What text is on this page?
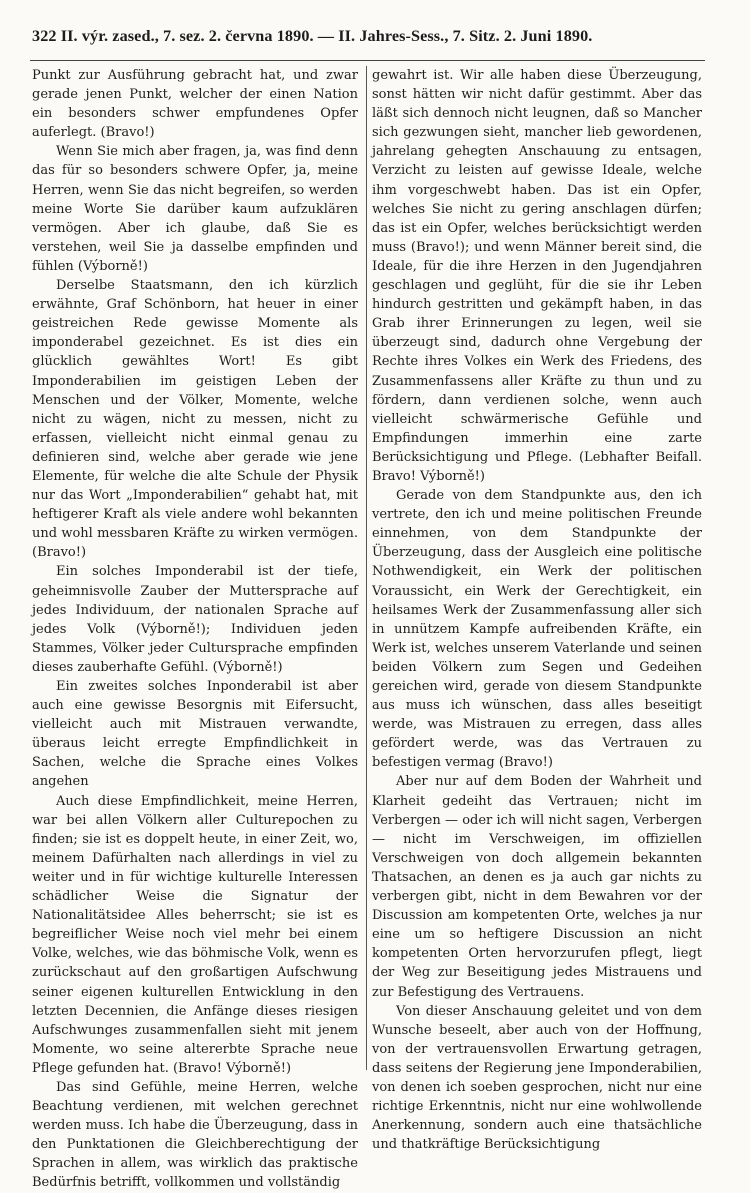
322 II. výr. zased., 7. sez. 2. června 1890. — II. Jahres-Sess., 7. Sitz. 2. Juni 1890.

Punkt zur Ausführung gebracht hat, und zwar gerade jenen Punkt, welcher der einen Nation ein besonders schwer empfundenes Opfer auferlegt. (Bravo!)

Wenn Sie mich aber fragen, ja, was find denn das für so besonders schwere Opfer, ja, meine Herren, wenn Sie das nicht begreifen, so werden meine Worte Sie darüber kaum aufzuklären vermögen. Aber ich glaube, daß Sie es verstehen, weil Sie ja dasselbe empfinden und fühlen (Výborně!)

Derselbe Staatsmann, den ich kürzlich erwähnte, Graf Schönborn, hat heuer in einer geistreichen Rede gewisse Momente als imponderabel gezeichnet. Es ist dies ein glücklich gewähltes Wort! Es gibt Imponderabilien im geistigen Leben der Menschen und der Völker, Momente, welche nicht zu wägen, nicht zu messen, nicht zu erfassen, vielleicht nicht einmal genau zu definieren sind, welche aber gerade wie jene Elemente, für welche die alte Schule der Physik nur das Wort „Imponderabilien“ gehabt hat, mit heftigerer Kraft als viele andere wohl bekannten und wohl messbaren Kräfte zu wirken vermögen. (Bravo!)

Ein solches Imponderabil ist der tiefe, geheimnisvolle Zauber der Muttersprache auf jedes Individuum, der nationalen Sprache auf jedes Volk (Výborně!); Individuen jeden Stammes, Völker jeder Cultursprache empfinden dieses zauberhafte Gefühl. (Výborně!)

Ein zweites solches Inponderabil ist aber auch eine gewisse Besorgnis mit Eifersucht, vielleicht auch mit Mistrauen verwandte, überaus leicht erregte Empfindlichkeit in Sachen, welche die Sprache eines Volkes angehen

Auch diese Empfindlichkeit, meine Herren, war bei allen Völkern aller Culturepochen zu finden; sie ist es doppelt heute, in einer Zeit, wo, meinem Dafürhalten nach allerdings in viel zu weiter und in für wichtige kulturelle Interessen schädlicher Weise die Signatur der Nationalitätsidee Alles beherrscht; sie ist es begreiflicher Weise noch viel mehr bei einem Volke, welches, wie das böhmische Volk, wenn es zurückschaut auf den großartigen Aufschwung seiner eigenen kulturellen Entwicklung in den letzten Decennien, die Anfänge dieses riesigen Aufschwunges zusammenfallen sieht mit jenem Momente, wo seine altererbte Sprache neue Pflege gefunden hat. (Bravo! Výborně!)

Das sind Gefühle, meine Herren, welche Beachtung verdienen, mit welchen gerechnet werden muss. Ich habe die Überzeugung, dass in den Punktationen die Gleichberechtigung der Sprachen in allem, was wirklich das praktische Bedürfnis betrifft, vollkommen und vollständig

gewahrt ist. Wir alle haben diese Überzeugung, sonst hätten wir nicht dafür gestimmt. Aber das läßt sich dennoch nicht leugnen, daß so Mancher sich gezwungen sieht, mancher lieb gewordenen, jahrelang gehegten Anschauung zu entsagen, Verzicht zu leisten auf gewisse Ideale, welche ihm vorgeschwebt haben. Das ist ein Opfer, welches Sie nicht zu gering anschlagen dürfen; das ist ein Opfer, welches berücksichtigt werden muss (Bravo!); und wenn Männer bereit sind, die Ideale, für die ihre Herzen in den Jugendjahren geschlagen und geglüht, für die sie ihr Leben hindurch gestritten und gekämpft haben, in das Grab ihrer Erinnerungen zu legen, weil sie überzeugt sind, dadurch ohne Vergebung der Rechte ihres Volkes ein Werk des Friedens, des Zusammenfassens aller Kräfte zu thun und zu fördern, dann verdienen solche, wenn auch vielleicht schwärmerische Gefühle und Empfindungen immerhin eine zarte Berücksichtigung und Pflege. (Lebhafter Beifall. Bravo! Výborně!)

Gerade von dem Standpunkte aus, den ich vertrete, den ich und meine politischen Freunde einnehmen, von dem Standpunkte der Überzeugung, dass der Ausgleich eine politische Nothwendigkeit, ein Werk der politischen Voraussicht, ein Werk der Gerechtigkeit, ein heilsames Werk der Zusammenfassung aller sich in unnützem Kampfe aufreibenden Kräfte, ein Werk ist, welches unserem Vaterlande und seinen beiden Völkern zum Segen und Gedeihen gereichen wird, gerade von diesem Standpunkte aus muss ich wünschen, dass alles beseitigt werde, was Mistrauen zu erregen, dass alles gefördert werde, was das Vertrauen zu befestigen vermag (Bravo!)

Aber nur auf dem Boden der Wahrheit und Klarheit gedeiht das Vertrauen; nicht im Verbergen — oder ich will nicht sagen, Verbergen — nicht im Verschweigen, im offiziellen Verschweigen von doch allgemein bekannten Thatsachen, an denen es ja auch gar nichts zu verbergen gibt, nicht in dem Bewahren vor der Discussion am kompetenten Orte, welches ja nur eine um so heftigere Discussion an nicht kompetenten Orten hervorzurufen pflegt, liegt der Weg zur Beseitigung jedes Mistrauens und zur Befestigung des Vertrauens.

Von dieser Anschauung geleitet und von dem Wunsche beseelt, aber auch von der Hoffnung, von der vertrauensvollen Erwartung getragen, dass seitens der Regierung jene Imponderabilien, von denen ich soeben gesprochen, nicht nur eine richtige Erkenntnis, nicht nur eine wohlwollende Anerkennung, sondern auch eine thatsächliche und thatkräftige Berücksichtigung
